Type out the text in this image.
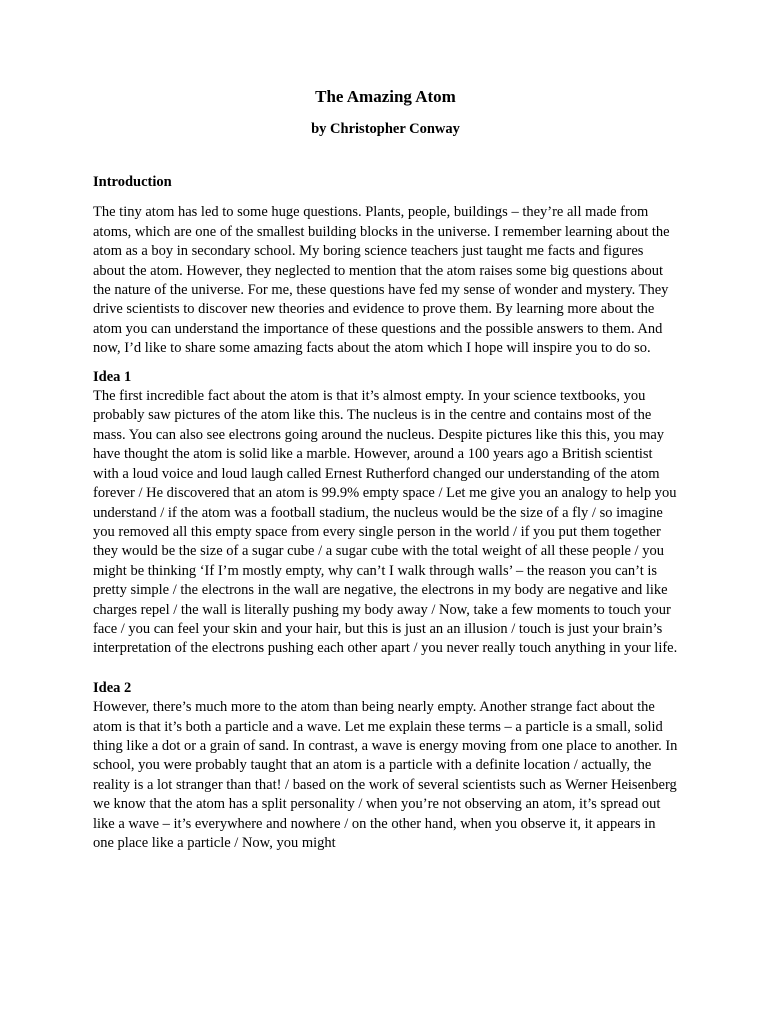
The Amazing Atom

by Christopher Conway

Introduction

The tiny atom has led to some huge questions. Plants, people, buildings – they’re all made from atoms, which are one of the smallest building blocks in the universe. I remember learning about the atom as a boy in secondary school. My boring science teachers just taught me facts and figures about the atom. However, they neglected to mention that the atom raises some big questions about the nature of the universe. For me, these questions have fed my sense of wonder and mystery. They drive scientists to discover new theories and evidence to prove them. By learning more about the atom you can understand the importance of these questions and the possible answers to them. And now, I’d like to share some amazing facts about the atom which I hope will inspire you to do so.

Idea 1

The first incredible fact about the atom is that it’s almost empty. In your science textbooks, you probably saw pictures of the atom like this. The nucleus is in the centre and contains most of the mass. You can also see electrons going around the nucleus. Despite pictures like this this, you may have thought the atom is solid like a marble. However, around a 100 years ago a British scientist with a loud voice and loud laugh called Ernest Rutherford changed our understanding of the atom forever / He discovered that an atom is 99.9% empty space / Let me give you an analogy to help you understand / if the atom was a football stadium, the nucleus would be the size of a fly / so imagine you removed all this empty space from every single person in the world / if you put them together they would be the size of a sugar cube / a sugar cube with the total weight of all these people / you might be thinking ‘If I’m mostly empty, why can’t I walk through walls’ – the reason you can’t is pretty simple / the electrons in the wall are negative, the electrons in my body are negative and like charges repel / the wall is literally pushing my body away / Now, take a few moments to touch your face / you can feel your skin and your hair, but this is just an an illusion / touch is just your brain’s interpretation of the electrons pushing each other apart / you never really touch anything in your life.

Idea 2

However, there’s much more to the atom than being nearly empty. Another strange fact about the atom is that it’s both a particle and a wave. Let me explain these terms – a particle is a small, solid thing like a dot or a grain of sand. In contrast, a wave is energy moving from one place to another. In school, you were probably taught that an atom is a particle with a definite location / actually, the reality is a lot stranger than that! / based on the work of several scientists such as Werner Heisenberg we know that the atom has a split personality / when you’re not observing an atom, it’s spread out like a wave – it’s everywhere and nowhere / on the other hand, when you observe it, it appears in one place like a particle / Now, you might
